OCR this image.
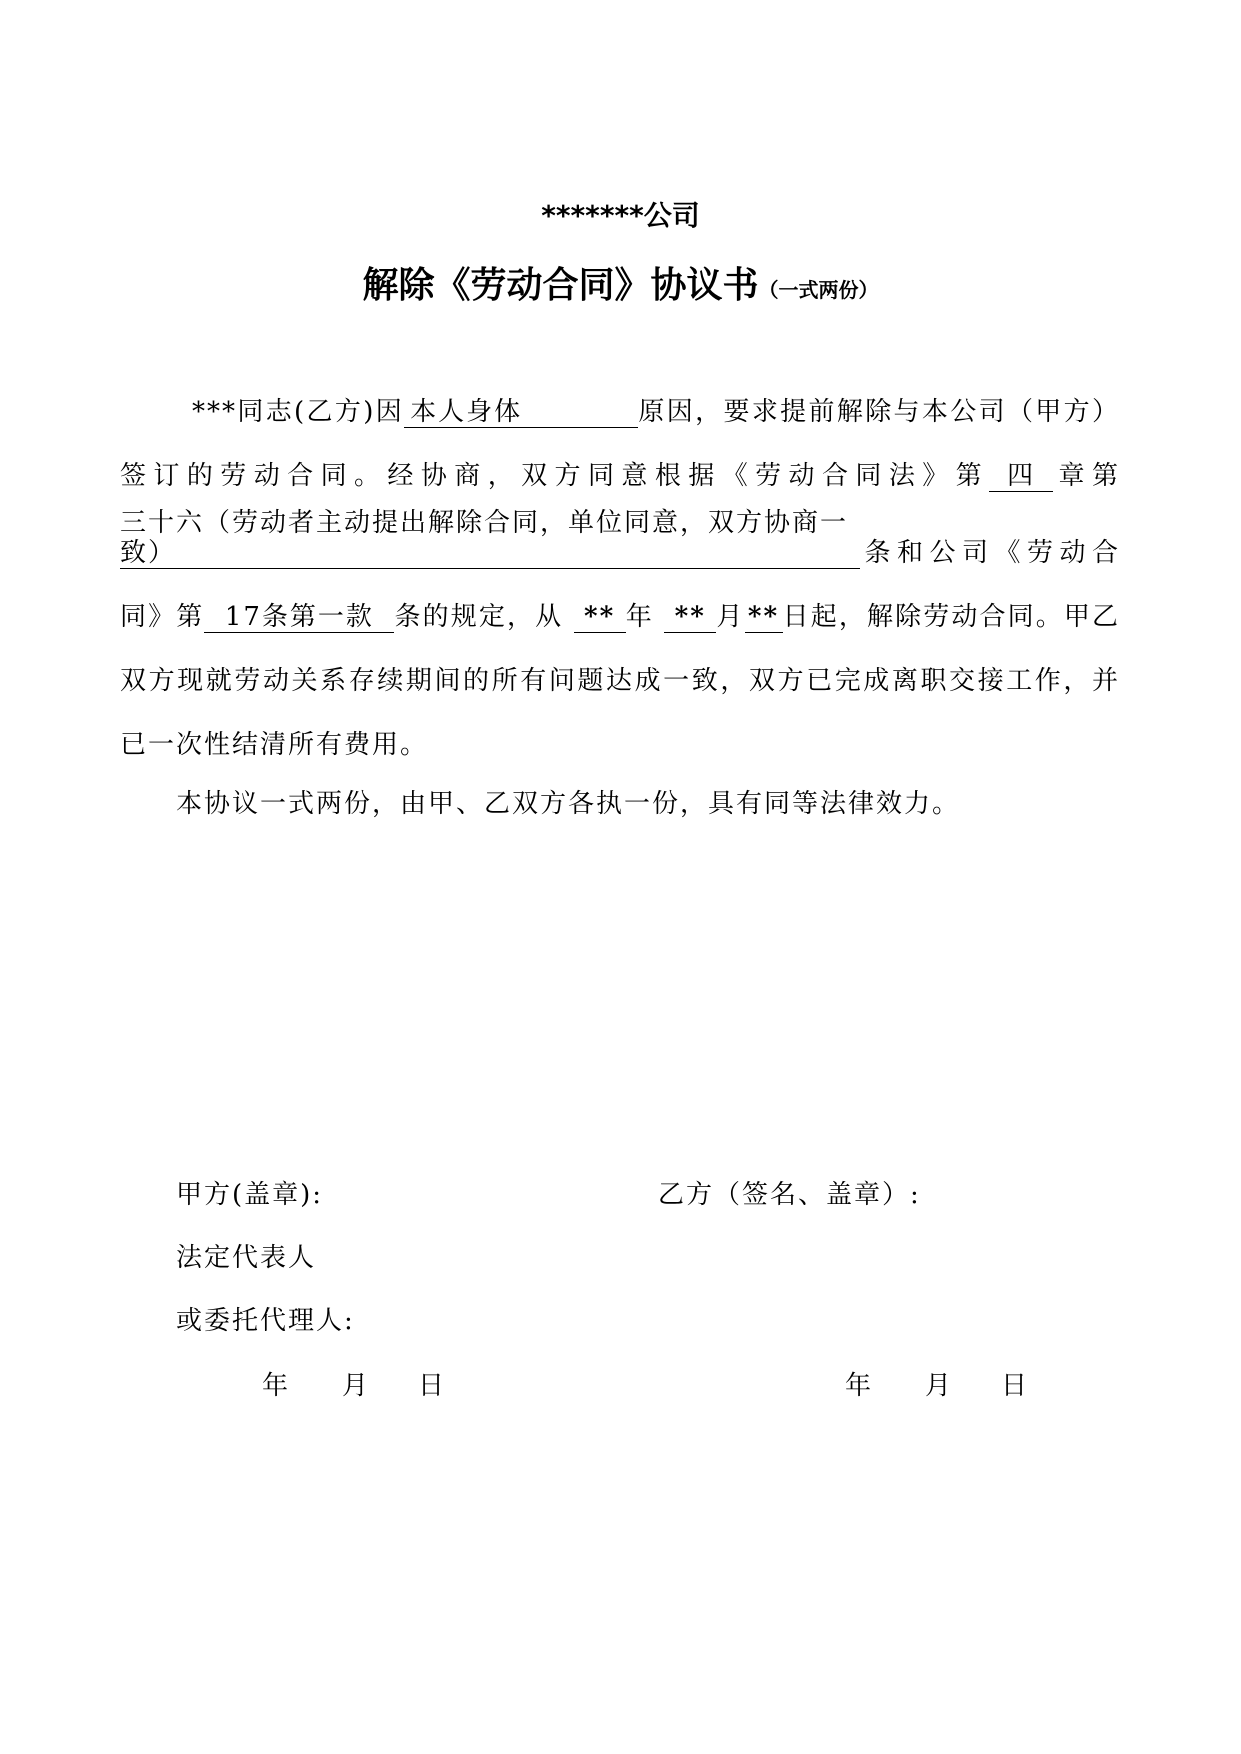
*******公司
解除《劳动合同》协议书（一式两份）
***同志(乙方)因 本人身体	原因，要求提前解除与本公司（甲方）签订的劳动合同。经协商，双方同意根据《劳动合同法》第 四 章第三十六（劳动者主动提出解除合同，单位同意，双方协商一致）	条和公司《劳动合同》第 17条第一款 条的规定，从 ** 年 ** 月 ** 日起，解除劳动合同。甲乙双方现就劳动关系存续期间的所有问题达成一致，双方已完成离职交接工作，并已一次性结清所有费用。
本协议一式两份，由甲、乙双方各执一份，具有同等法律效力。
甲方(盖章):	乙方（签名、盖章）:
法定代表人
或委托代理人:
年 月 日	年 月 日
